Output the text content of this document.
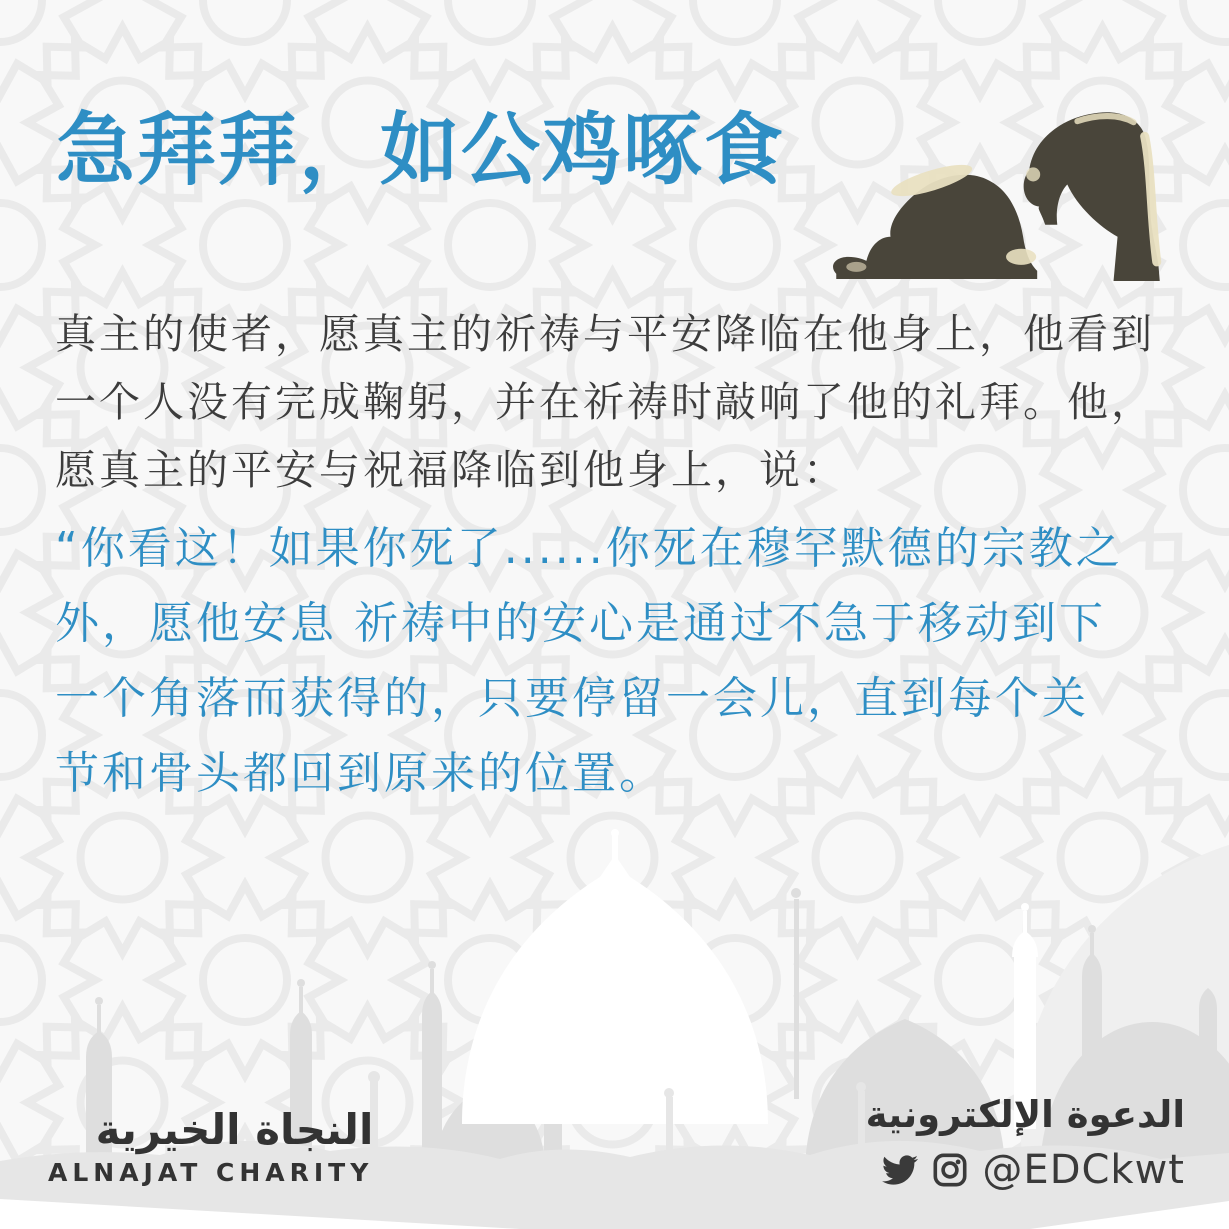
急拜拜，如公鸡啄食
真主的使者，愿真主的祈祷与平安降临在他身上，他看到
一个人没有完成鞠躬，并在祈祷时敲响了他的礼拜。他，
愿真主的平安与祝福降临到他身上，说：
“你看这！如果你死了......你死在穆罕默德的宗教之
外，愿他安息 祈祷中的安心是通过不急于移动到下
一个角落而获得的，只要停留一会儿，直到每个关
节和骨头都回到原来的位置。
النجاة الخيرية
ALNAJAT CHARITY
الدعوة الإلكترونية
@EDCkwt
